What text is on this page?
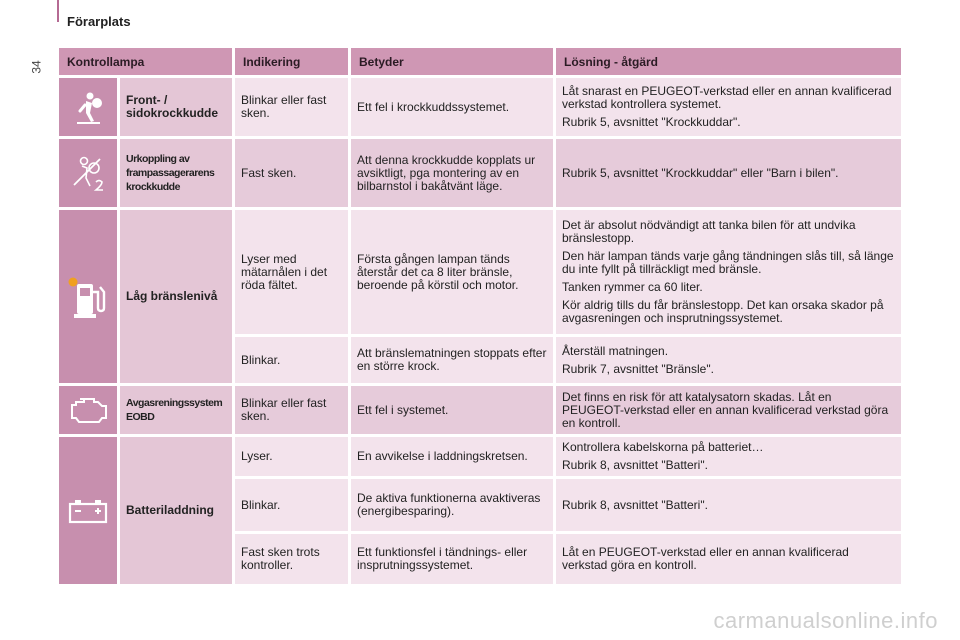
Förarplats
34 Kontrollampa		Indikering	Betyder	Lösning - åtgärd

	Front- / sidokrockkudde	Blinkar eller fast sken.	Ett fel i krockkuddssystemet.	Låt snarast en PEUGEOT-verkstad eller en annan kvalificerad verkstad kontrollera systemet.

Rubrik 5, avsnittet "Krockkuddar".

	Urkoppling av frampassagerarens krockkudde	Fast sken.	Att denna krockkudde kopplats ur avsiktligt, pga montering av en bilbarnstol i bakåtvänt läge.	Rubrik 5, avsnittet "Krockkuddar" eller "Barn i bilen".

	Låg bränslenivå	Lyser med mätarnålen i det röda fältet.	Första gången lampan tänds återstår det ca 8 liter bränsle, beroende på körstil och motor.	Det är absolut nödvändigt att tanka bilen för att undvika bränslestopp.

Den här lampan tänds varje gång tändningen slås till, så länge du inte fyllt på tillräckligt med bränsle.

Tanken rymmer ca 60 liter.

Kör aldrig tills du får bränslestopp. Det kan orsaka skador på avgasreningen och insprutningssystemet.

		Blinkar.	Att bränslematningen stoppats efter en större krock.	Återställ matningen.

Rubrik 7, avsnittet "Bränsle".

	Avgasreningssystem EOBD	Blinkar eller fast sken.	Ett fel i systemet.	Det finns en risk för att katalysatorn skadas. Låt en PEUGEOT-verkstad eller en annan kvalificerad verkstad göra en kontroll.

	Batteriladdning	Lyser.	En avvikelse i laddningskretsen.	Kontrollera kabelskorna på batteriet…

Rubrik 8, avsnittet "Batteri".

		Blinkar.	De aktiva funktionerna avaktiveras (energibesparing).	Rubrik 8, avsnittet "Batteri".

		Fast sken trots kontroller.	Ett funktionsfel i tändnings- eller insprutningssystemet.	Låt en PEUGEOT-verkstad eller en annan kvalificerad verkstad göra en kontroll.

carmanualsonline.info
